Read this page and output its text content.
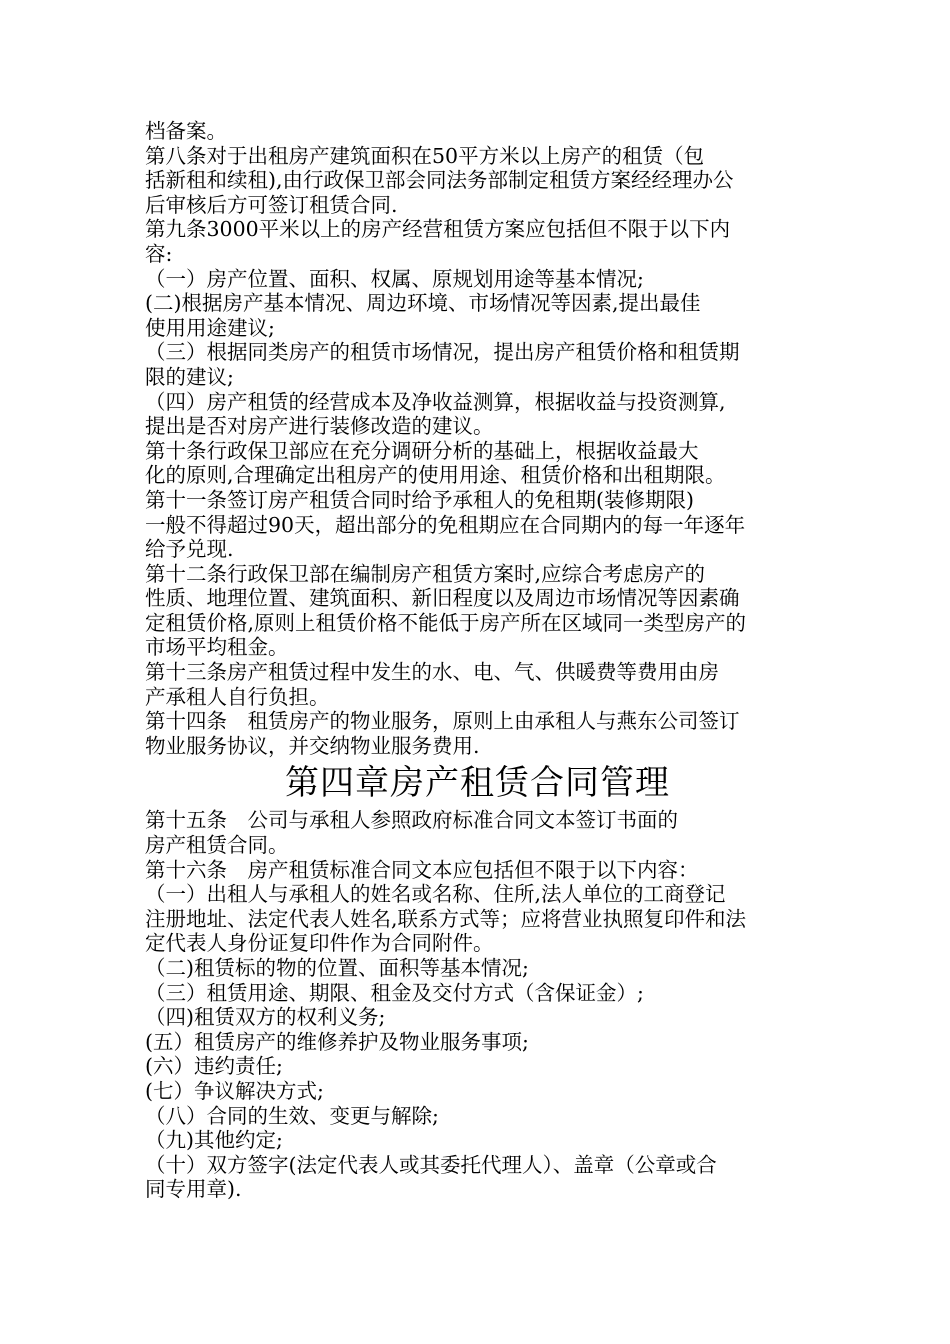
档备案。
第八条对于出租房产建筑面积在50平方米以上房产的租赁（包
括新租和续租),由行政保卫部会同法务部制定租赁方案经经理办公
后审核后方可签订租赁合同.
第九条3000平米以上的房产经营租赁方案应包括但不限于以下内
容:
（一）房产位置、面积、权属、原规划用途等基本情况;
(二)根据房产基本情况、周边环境、市场情况等因素,提出最佳
使用用途建议;
（三）根据同类房产的租赁市场情况，提出房产租赁价格和租赁期
限的建议;
（四）房产租赁的经营成本及净收益测算，根据收益与投资测算,
提出是否对房产进行装修改造的建议。
第十条行政保卫部应在充分调研分析的基础上，根据收益最大
化的原则,合理确定出租房产的使用用途、租赁价格和出租期限。
第十一条签订房产租赁合同时给予承租人的免租期(装修期限)
一般不得超过90天，超出部分的免租期应在合同期内的每一年逐年
给予兑现.
第十二条行政保卫部在编制房产租赁方案时,应综合考虑房产的
性质、地理位置、建筑面积、新旧程度以及周边市场情况等因素确
定租赁价格,原则上租赁价格不能低于房产所在区域同一类型房产的
市场平均租金。
第十三条房产租赁过程中发生的水、电、气、供暖费等费用由房
产承租人自行负担。
第十四条　租赁房产的物业服务，原则上由承租人与燕东公司签订
物业服务协议，并交纳物业服务费用.
第四章房产租赁合同管理
第十五条　公司与承租人参照政府标准合同文本签订书面的
房产租赁合同。
第十六条　房产租赁标准合同文本应包括但不限于以下内容：
（一）出租人与承租人的姓名或名称、住所,法人单位的工商登记
注册地址、法定代表人姓名,联系方式等；应将营业执照复印件和法
定代表人身份证复印件作为合同附件。
（二)租赁标的物的位置、面积等基本情况;
（三）租赁用途、期限、租金及交付方式（含保证金）;
（四)租赁双方的权利义务;
(五）租赁房产的维修养护及物业服务事项;
(六）违约责任;
(七）争议解决方式;
（八）合同的生效、变更与解除;
（九)其他约定;
（十）双方签字(法定代表人或其委托代理人）、盖章（公章或合
同专用章).
